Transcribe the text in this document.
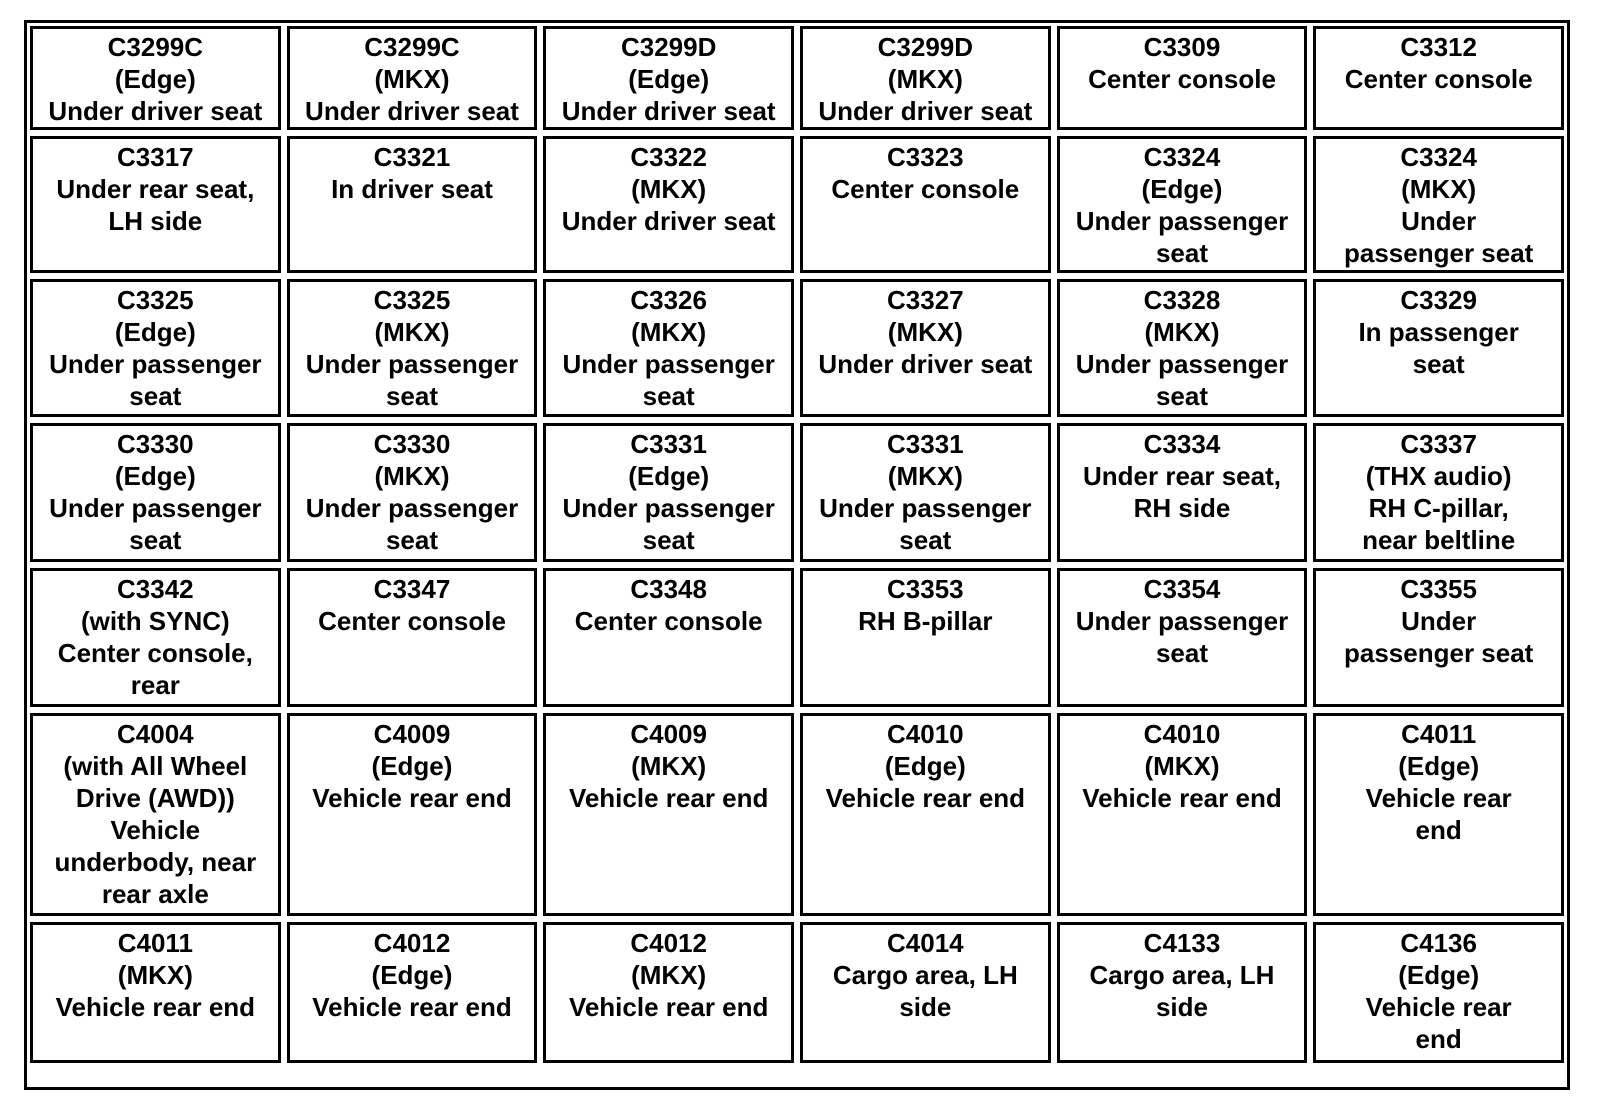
C3299C
(Edge)
Under driver seat
C3299C
(MKX)
Under driver seat
C3299D
(Edge)
Under driver seat
C3299D
(MKX)
Under driver seat
C3309
Center console
C3312
Center console
C3317
Under rear seat,
LH side
C3321
In driver seat
C3322
(MKX)
Under driver seat
C3323
Center console
C3324
(Edge)
Under passenger
seat
C3324
(MKX)
Under
passenger seat
C3325
(Edge)
Under passenger
seat
C3325
(MKX)
Under passenger
seat
C3326
(MKX)
Under passenger
seat
C3327
(MKX)
Under driver seat
C3328
(MKX)
Under passenger
seat
C3329
In passenger
seat
C3330
(Edge)
Under passenger
seat
C3330
(MKX)
Under passenger
seat
C3331
(Edge)
Under passenger
seat
C3331
(MKX)
Under passenger
seat
C3334
Under rear seat,
RH side
C3337
(THX audio)
RH C-pillar,
near beltline
C3342
(with SYNC)
Center console,
rear
C3347
Center console
C3348
Center console
C3353
RH B-pillar
C3354
Under passenger
seat
C3355
Under
passenger seat
C4004
(with All Wheel
Drive (AWD))
Vehicle
underbody, near
rear axle
C4009
(Edge)
Vehicle rear end
C4009
(MKX)
Vehicle rear end
C4010
(Edge)
Vehicle rear end
C4010
(MKX)
Vehicle rear end
C4011
(Edge)
Vehicle rear
end
C4011
(MKX)
Vehicle rear end
C4012
(Edge)
Vehicle rear end
C4012
(MKX)
Vehicle rear end
C4014
Cargo area, LH
side
C4133
Cargo area, LH
side
C4136
(Edge)
Vehicle rear
end
